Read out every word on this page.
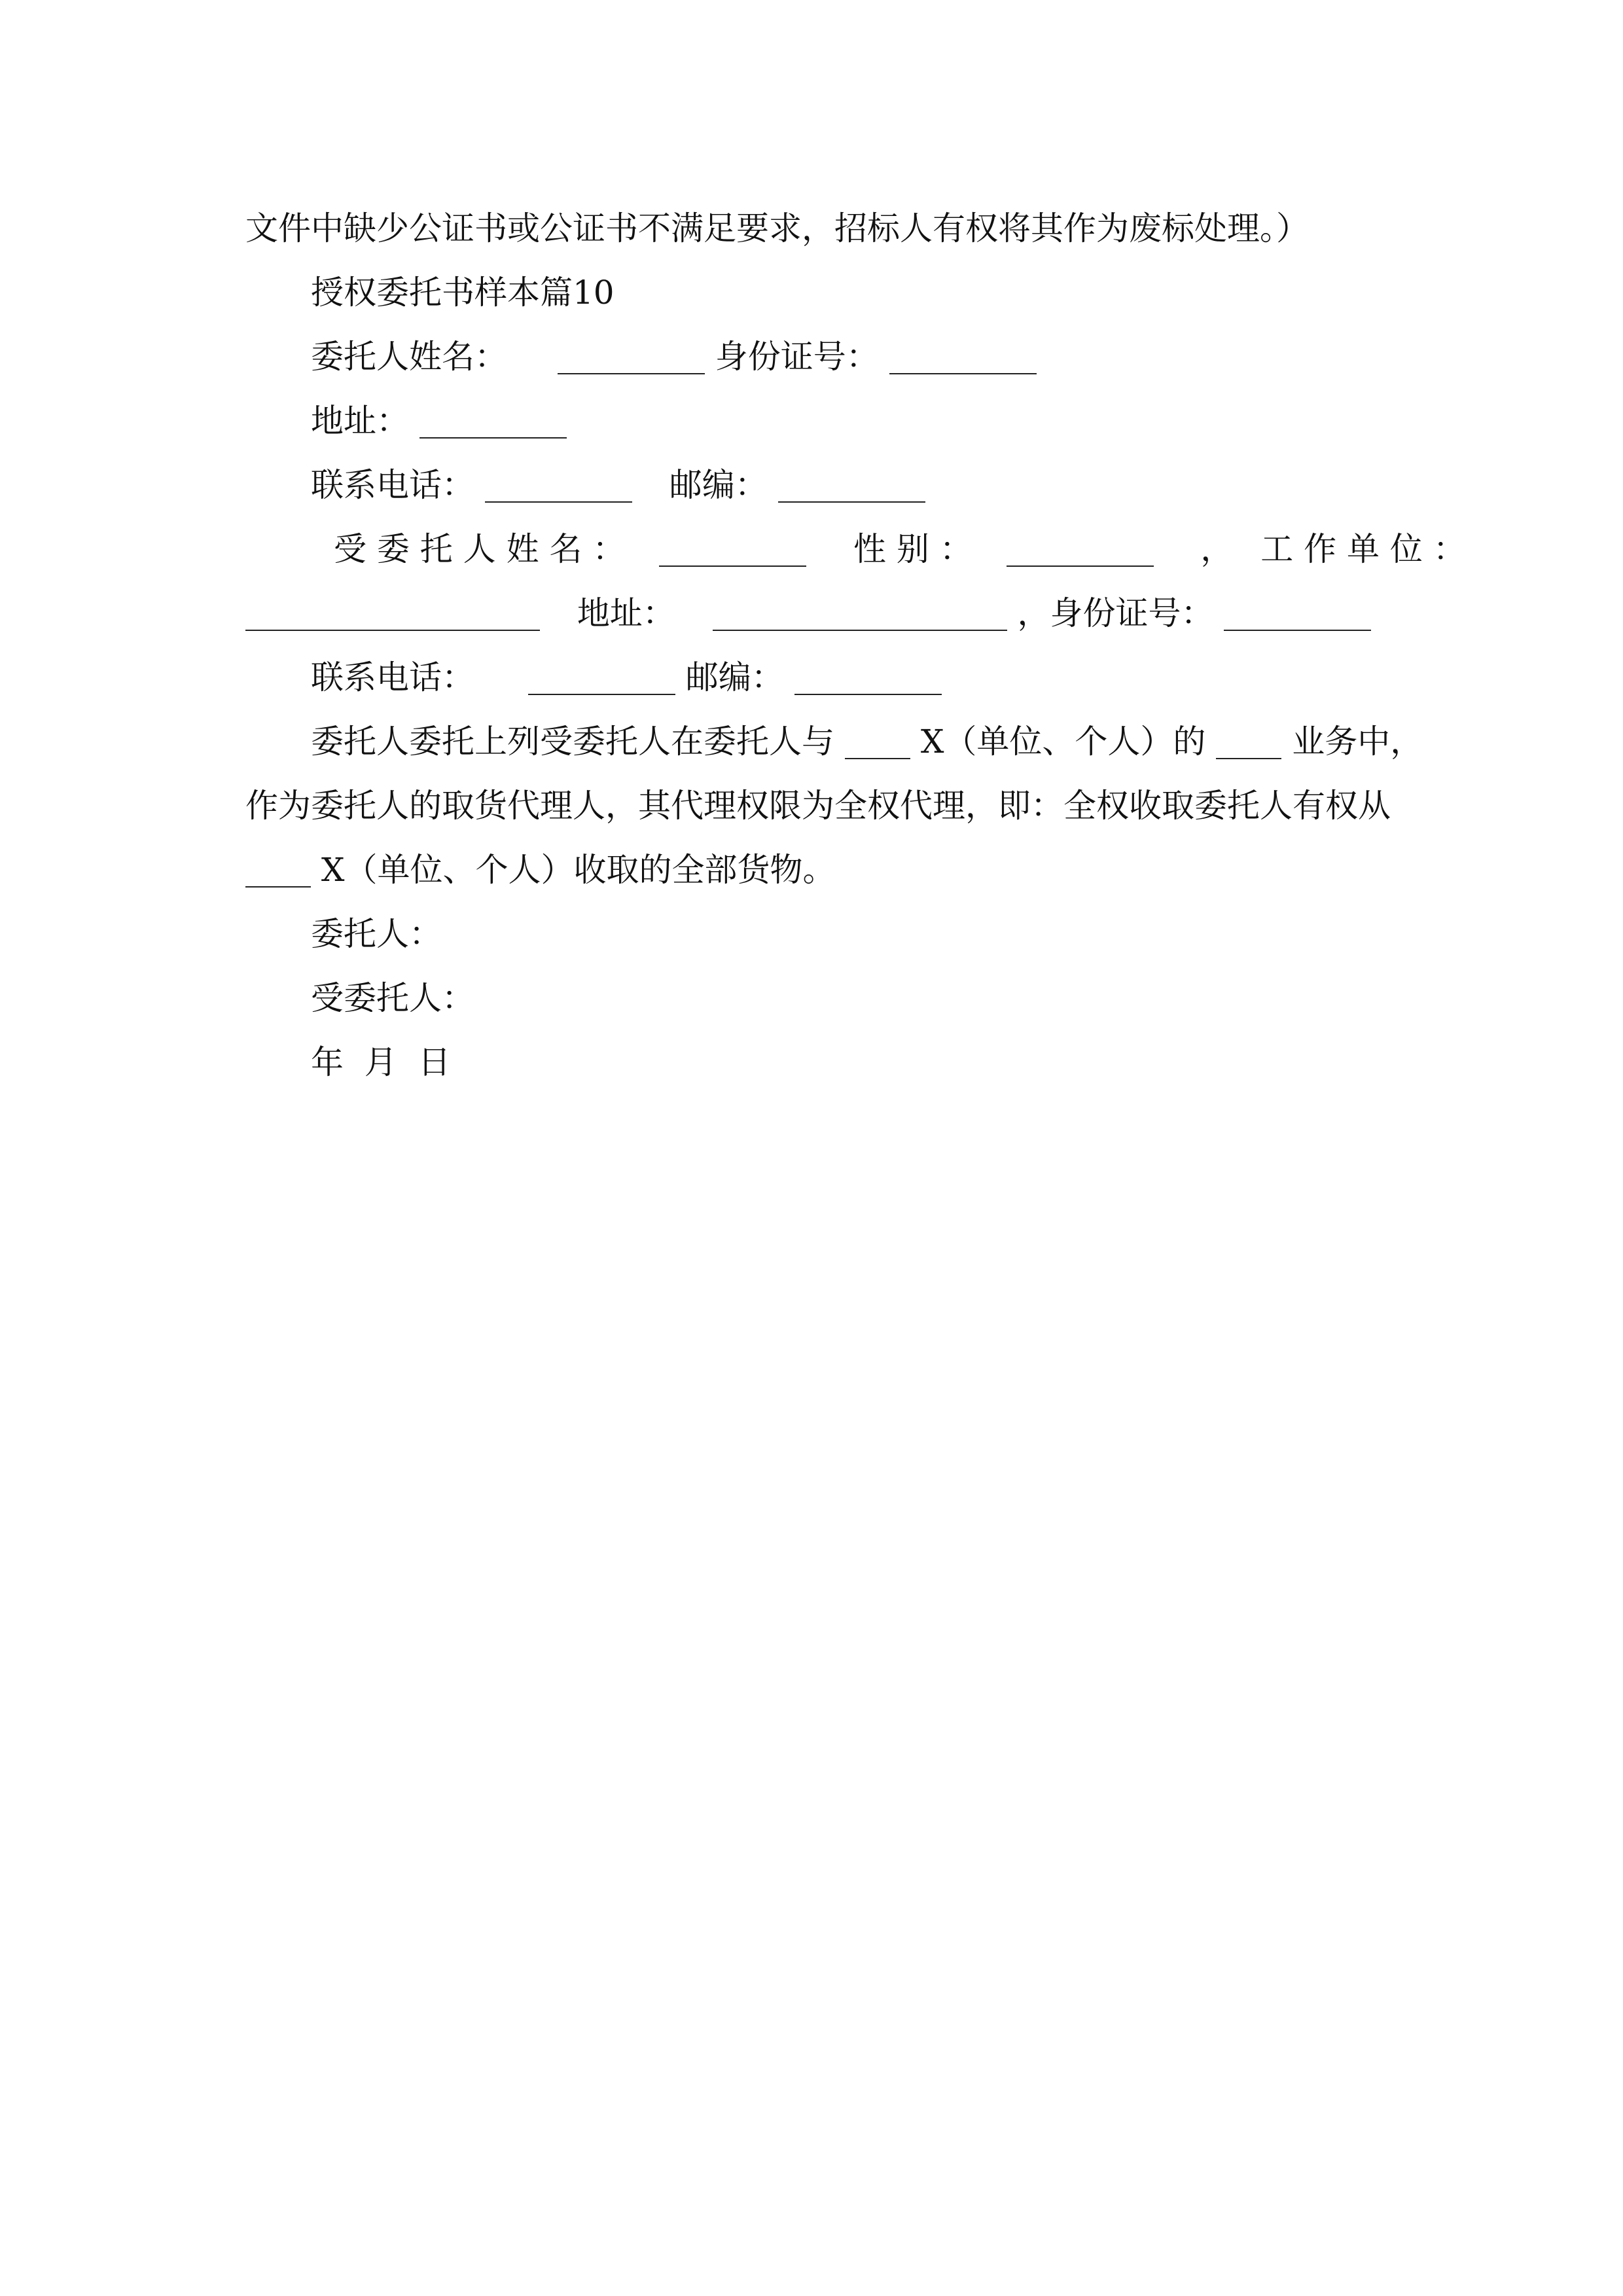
文件中缺少公证书或公证书不满足要求，招标人有权将其作为废标处理。）
授权委托书样本篇10
委托人姓名：	身份证号：
地址：
联系电话：	邮编：
受 委 托 人 姓 名 ：	性 别 ：	， 工 作 单 位 ：
地址：	，身份证号：
联系电话：	邮编：
委托人委托上列受委托人在委托人与	X（单位、个人）的	业务中，
作为委托人的取货代理人，其代理权限为全权代理，即：全权收取委托人有权从
X（单位、个人）收取的全部货物。
委托人：
受委托人：
年  月  日
